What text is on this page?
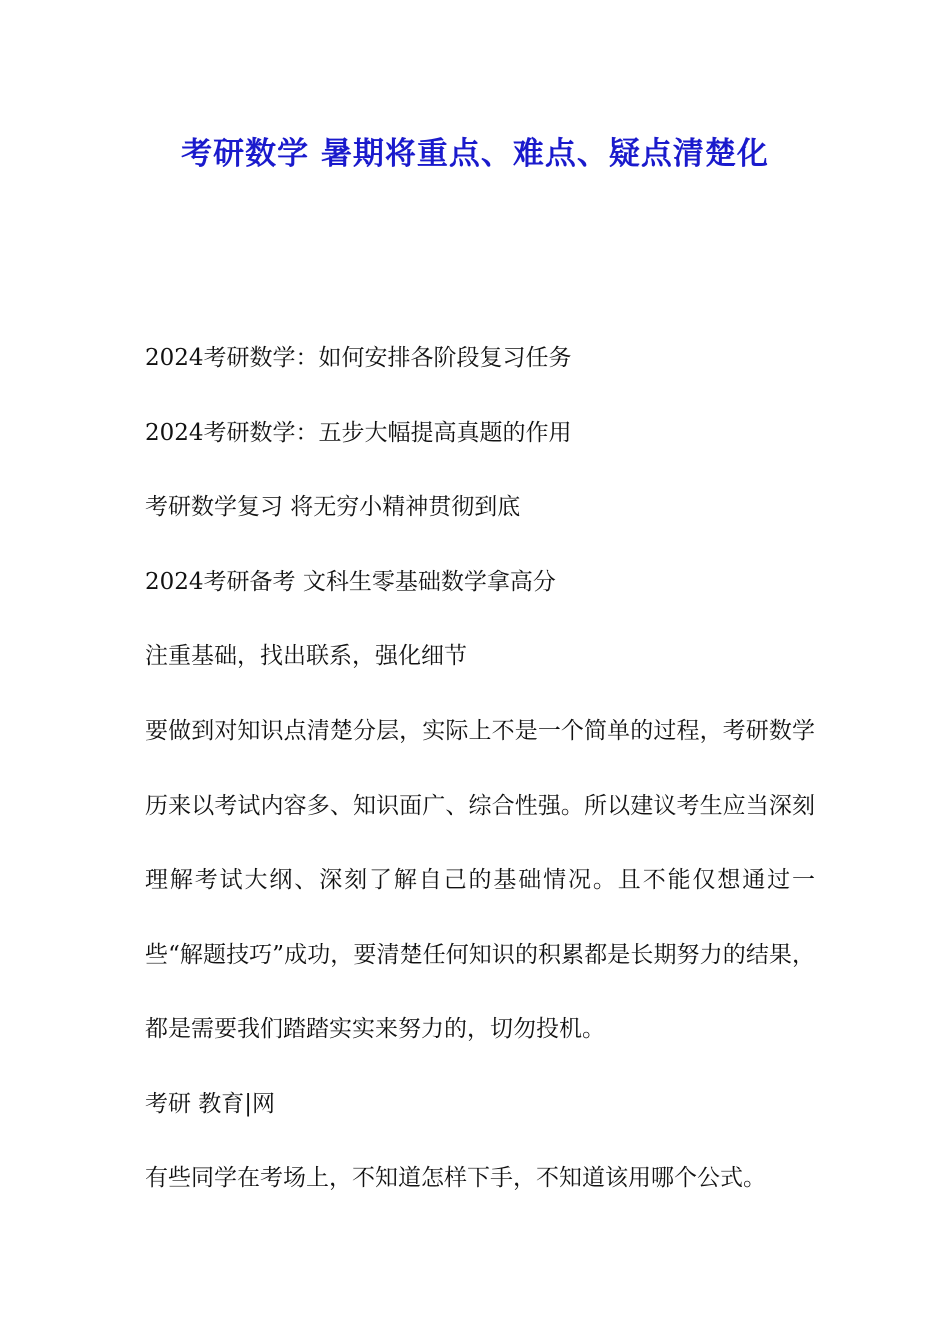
考研数学 暑期将重点、难点、疑点清楚化
2024考研数学：如何安排各阶段复习任务
2024考研数学：五步大幅提高真题的作用
考研数学复习 将无穷小精神贯彻到底
2024考研备考 文科生零基础数学拿高分
注重基础，找出联系，强化细节
要做到对知识点清楚分层，实际上不是一个简单的过程，考研数学历来以考试内容多、知识面广、综合性强。所以建议考生应当深刻理解考试大纲、深刻了解自己的基础情况。且不能仅想通过一些“解题技巧”成功，要清楚任何知识的积累都是长期努力的结果，都是需要我们踏踏实实来努力的，切勿投机。
考研 教育|网
有些同学在考场上，不知道怎样下手，不知道该用哪个公式。
